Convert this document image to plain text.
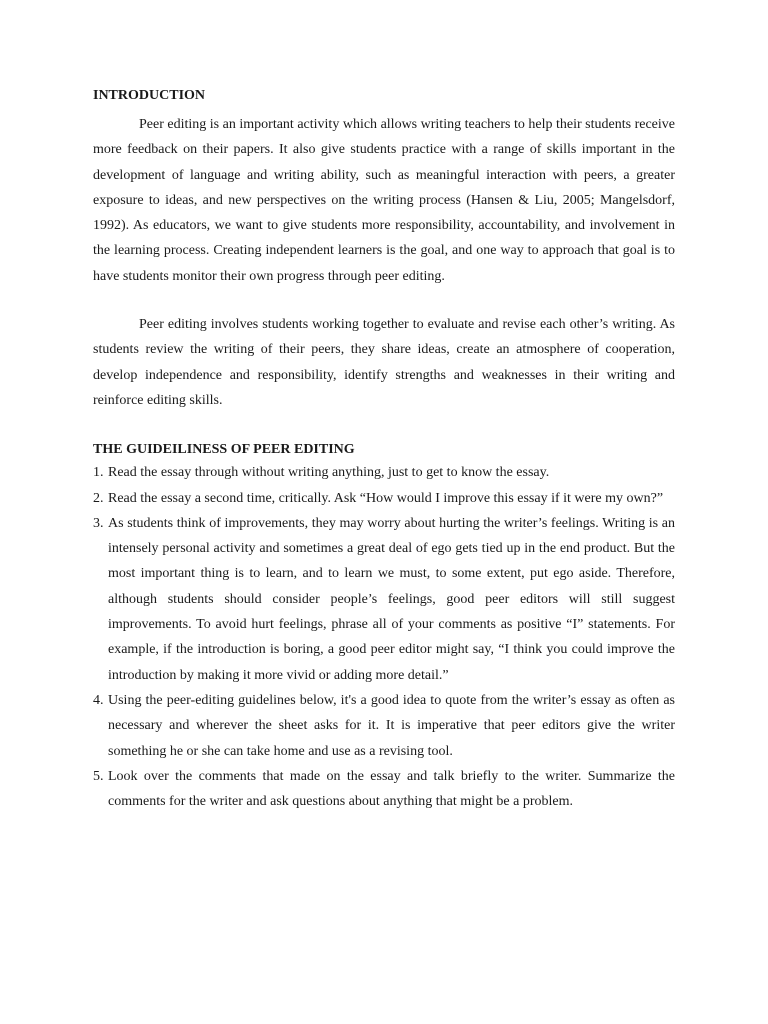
INTRODUCTION

Peer editing is an important activity which allows writing teachers to help their students receive more feedback on their papers. It also give students practice with a range of skills important in the development of language and writing ability, such as meaningful interaction with peers, a greater exposure to ideas, and new perspectives on the writing process (Hansen & Liu, 2005; Mangelsdorf, 1992). As educators, we want to give students more responsibility, accountability, and involvement in the learning process. Creating independent learners is the goal, and one way to approach that goal is to have students monitor their own progress through peer editing.

Peer editing involves students working together to evaluate and revise each other’s writing. As students review the writing of their peers, they share ideas, create an atmosphere of cooperation, develop independence and responsibility, identify strengths and weaknesses in their writing and reinforce editing skills.

THE GUIDEILINESS OF PEER EDITING
1. Read the essay through without writing anything, just to get to know the essay.
2. Read the essay a second time, critically. Ask “How would I improve this essay if it were my own?”
3. As students think of improvements, they may worry about hurting the writer’s feelings. Writing is an intensely personal activity and sometimes a great deal of ego gets tied up in the end product. But the most important thing is to learn, and to learn we must, to some extent, put ego aside. Therefore, although students should consider people’s feelings, good peer editors will still suggest improvements. To avoid hurt feelings, phrase all of your comments as positive “I” statements. For example, if the introduction is boring, a good peer editor might say, “I think you could improve the introduction by making it more vivid or adding more detail.”
4. Using the peer-editing guidelines below, it's a good idea to quote from the writer’s essay as often as necessary and wherever the sheet asks for it. It is imperative that peer editors give the writer something he or she can take home and use as a revising tool.
5. Look over the comments that made on the essay and talk briefly to the writer. Summarize the comments for the writer and ask questions about anything that might be a problem.
